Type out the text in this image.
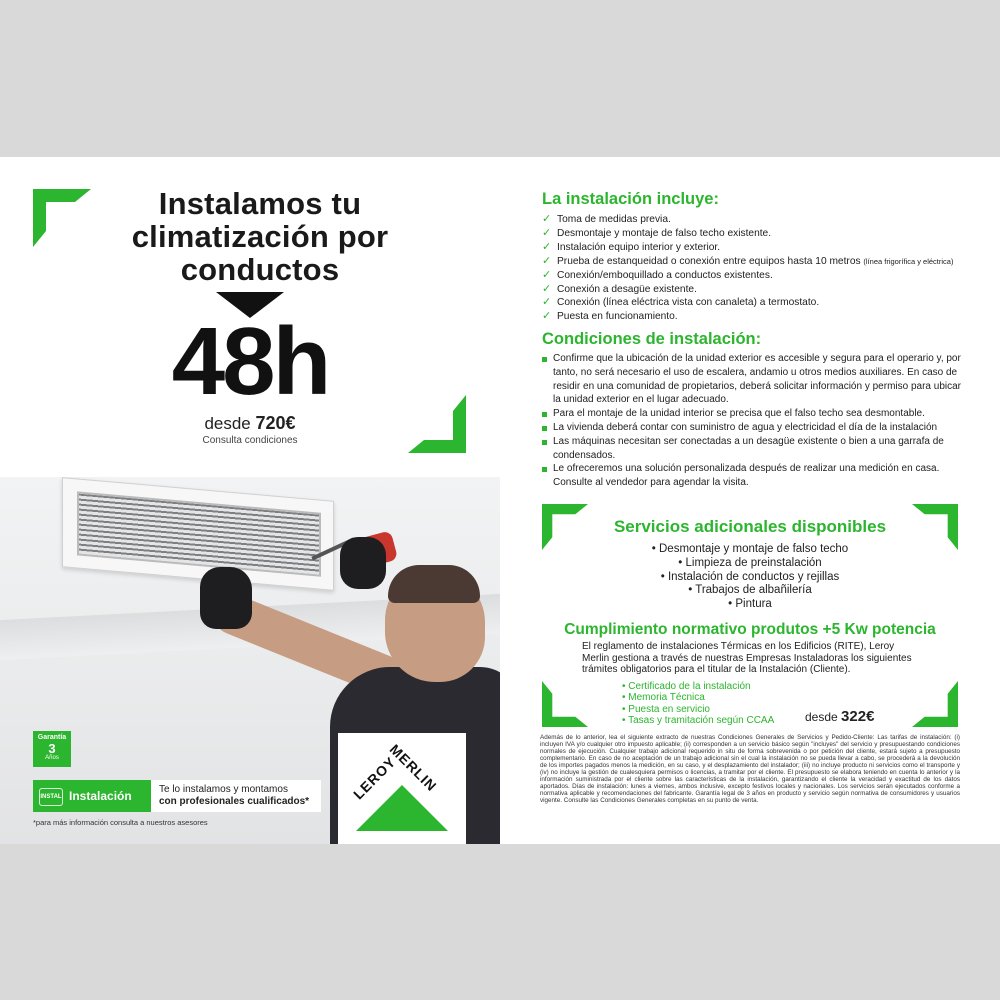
Instalamos tu climatización por conductos
48h
desde 720€
Consulta condiciones
Garantía
3
Años
INSTAL Instalación	Te lo instalamos y montamos
con profesionales cualificados*
*para más información consulta a nuestros asesores
LEROY
MERLIN
La instalación incluye:
✓ Toma de medidas previa.
✓ Desmontaje y montaje de falso techo existente.
✓ Instalación equipo interior y exterior.
✓ Prueba de estanqueidad o conexión entre equipos hasta 10 metros (línea frigorífica y eléctrica)
✓ Conexión/emboquillado a conductos existentes.
✓ Conexión a desagüe existente.
✓ Conexión (línea eléctrica vista con canaleta) a termostato.
✓ Puesta en funcionamiento.
Condiciones de instalación:
Confirme que la ubicación de la unidad exterior es accesible y segura para el operario y, por tanto, no será necesario el uso de escalera, andamio u otros medios auxiliares. En caso de residir en una comunidad de propietarios, deberá solicitar información y permiso para ubicar la unidad exterior en el lugar adecuado.
Para el montaje de la unidad interior se precisa que el falso techo sea desmontable.
La vivienda deberá contar con suministro de agua y electricidad el día de la instalación
Las máquinas necesitan ser conectadas a un desagüe existente o bien a una garrafa de condensados.
Le ofreceremos una solución personalizada después de realizar una medición en casa. Consulte al vendedor para agendar la visita.
Servicios adicionales disponibles
• Desmontaje y montaje de falso techo
• Limpieza de preinstalación
• Instalación de conductos y rejillas
• Trabajos de albañilería
• Pintura
Cumplimiento normativo produtos +5 Kw potencia
El reglamento de instalaciones Térmicas en los Edificios (RITE), Leroy Merlin gestiona a través de nuestras Empresas Instaladoras los siguientes trámites obligatorios para el titular de la Instalación (Cliente).
• Certificado de la instalación
• Memoria Técnica
• Puesta en servicio
• Tasas y tramitación según CCAA	desde 322€
Además de lo anterior, lea el siguiente extracto de nuestras Condiciones Generales de Servicios y Pedido-Cliente: Las tarifas de instalación: (i) incluyen IVA y/o cualquier otro impuesto aplicable; (ii) corresponden a un servicio básico según "incluyes" del servicio y presupuestando condiciones normales de ejecución. Cualquier trabajo adicional requerido in situ de forma sobrevenida o por petición del cliente, estará sujeto a presupuesto complementario. En caso de no aceptación de un trabajo adicional sin el cual la instalación no se pueda llevar a cabo, se procederá a la devolución de los importes pagados menos la medición, en su caso, y el desplazamiento del instalador; (iii) no incluye producto ni servicios como el transporte y (iv) no incluye la gestión de cualesquiera permisos o licencias, a tramitar por el cliente. El presupuesto se elabora teniendo en cuenta lo anterior y la información suministrada por el cliente sobre las características de la instalación, garantizando el cliente la veracidad y exactitud de los datos aportados. Días de instalación: lunes a viernes, ambos inclusive, excepto festivos locales y nacionales. Los servicios serán ejecutados conforme a normativa aplicable y recomendaciones del fabricante. Garantía legal de 3 años en producto y servicio según normativa de consumidores y usuarios vigente. Consulte las Condiciones Generales completas en su punto de venta.
